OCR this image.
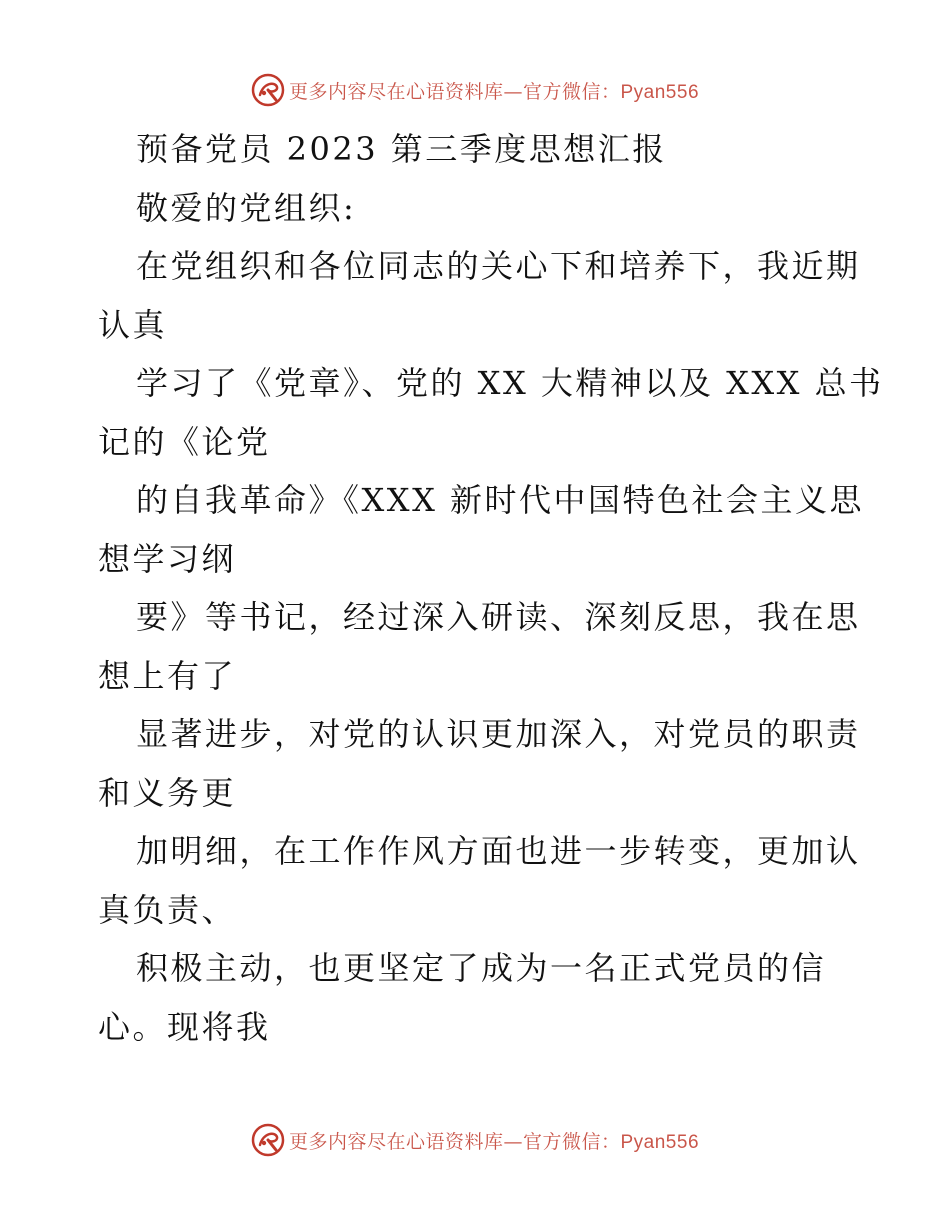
更多内容尽在心语资料库—官方微信：Pyan556
预备党员 2023 第三季度思想汇报
敬爱的党组织:
在党组织和各位同志的关心下和培养下，我近期
认真
学习了《党章》、党的 XX 大精神以及 XXX 总书
记的《论党
的自我革命》《XXX 新时代中国特色社会主义思
想学习纲
要》等书记，经过深入研读、深刻反思，我在思
想上有了
显著进步，对党的认识更加深入，对党员的职责
和义务更
加明细，在工作作风方面也进一步转变，更加认
真负责、
积极主动，也更坚定了成为一名正式党员的信
心。现将我
更多内容尽在心语资料库—官方微信：Pyan556
